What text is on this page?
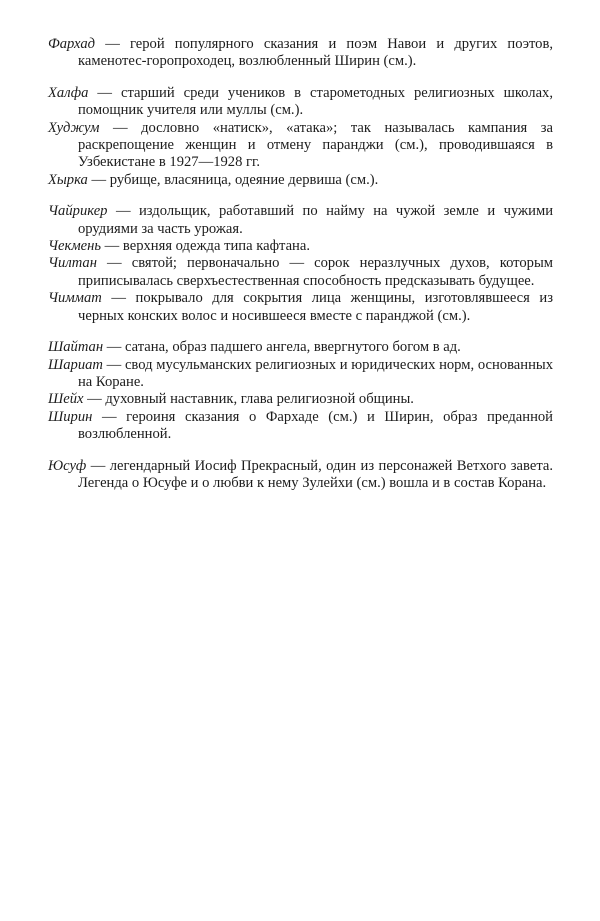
Фархад — герой популярного сказания и поэм Навои и других поэтов, каменотес-горопроходец, возлюбленный Ширин (см.).

Халфа — старший среди учеников в старометодных религиозных школах, помощник учителя или муллы (см.).

Худжум — дословно «натиск», «атака»; так называлась кампания за раскрепощение женщин и отмену паранджи (см.), проводившаяся в Узбекистане в 1927—1928 гг.

Хырка — рубище, власяница, одеяние дервиша (см.).

Чайрикер — издольщик, работавший по найму на чужой земле и чужими орудиями за часть урожая.

Чекмень — верхняя одежда типа кафтана.

Чилтан — святой; первоначально — сорок неразлучных духов, которым приписывалась сверхъестественная способность предсказывать будущее.

Чиммат — покрывало для сокрытия лица женщины, изготовлявшееся из черных конских волос и носившееся вместе с паранджой (см.).

Шайтан — сатана, образ падшего ангела, ввергнутого богом в ад.

Шариат — свод мусульманских религиозных и юридических норм, основанных на Коране.

Шейх — духовный наставник, глава религиозной общины.

Ширин — героиня сказания о Фархаде (см.) и Ширин, образ преданной возлюбленной.

Юсуф — легендарный Иосиф Прекрасный, один из персонажей Ветхого завета. Легенда о Юсуфе и о любви к нему Зулейхи (см.) вошла и в состав Корана.
